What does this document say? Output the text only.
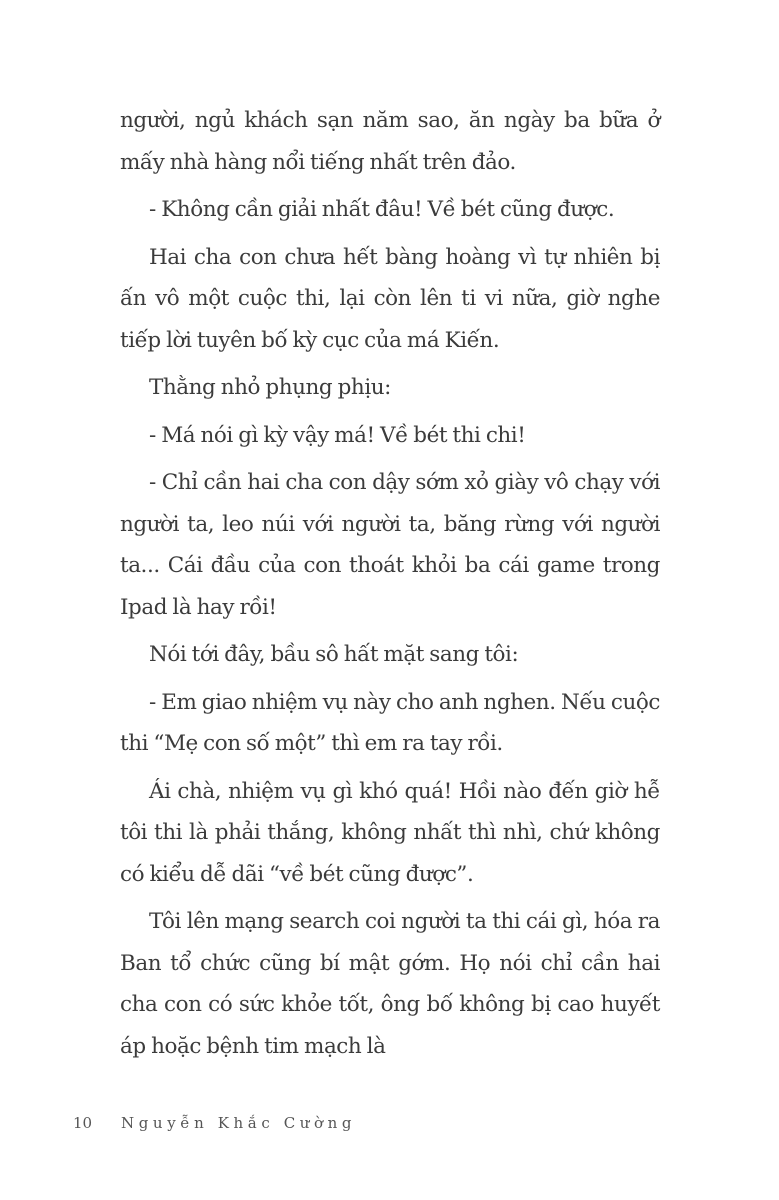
người, ngủ khách sạn năm sao, ăn ngày ba bữa ở mấy nhà hàng nổi tiếng nhất trên đảo.

- Không cần giải nhất đâu! Về bét cũng được.

Hai cha con chưa hết bàng hoàng vì tự nhiên bị ấn vô một cuộc thi, lại còn lên ti vi nữa, giờ nghe tiếp lời tuyên bố kỳ cục của má Kiến.

Thằng nhỏ phụng phịu:

- Má nói gì kỳ vậy má! Về bét thi chi!

- Chỉ cần hai cha con dậy sớm xỏ giày vô chạy với người ta, leo núi với người ta, băng rừng với người ta... Cái đầu của con thoát khỏi ba cái game trong Ipad là hay rồi!

Nói tới đây, bầu sô hất mặt sang tôi:

- Em giao nhiệm vụ này cho anh nghen. Nếu cuộc thi “Mẹ con số một” thì em ra tay rồi.

Ái chà, nhiệm vụ gì khó quá! Hồi nào đến giờ hễ tôi thi là phải thắng, không nhất thì nhì, chứ không có kiểu dễ dãi “về bét cũng được”.

Tôi lên mạng search coi người ta thi cái gì, hóa ra Ban tổ chức cũng bí mật gớm. Họ nói chỉ cần hai cha con có sức khỏe tốt, ông bố không bị cao huyết áp hoặc bệnh tim mạch là

10	Nguyễn Khắc Cường
